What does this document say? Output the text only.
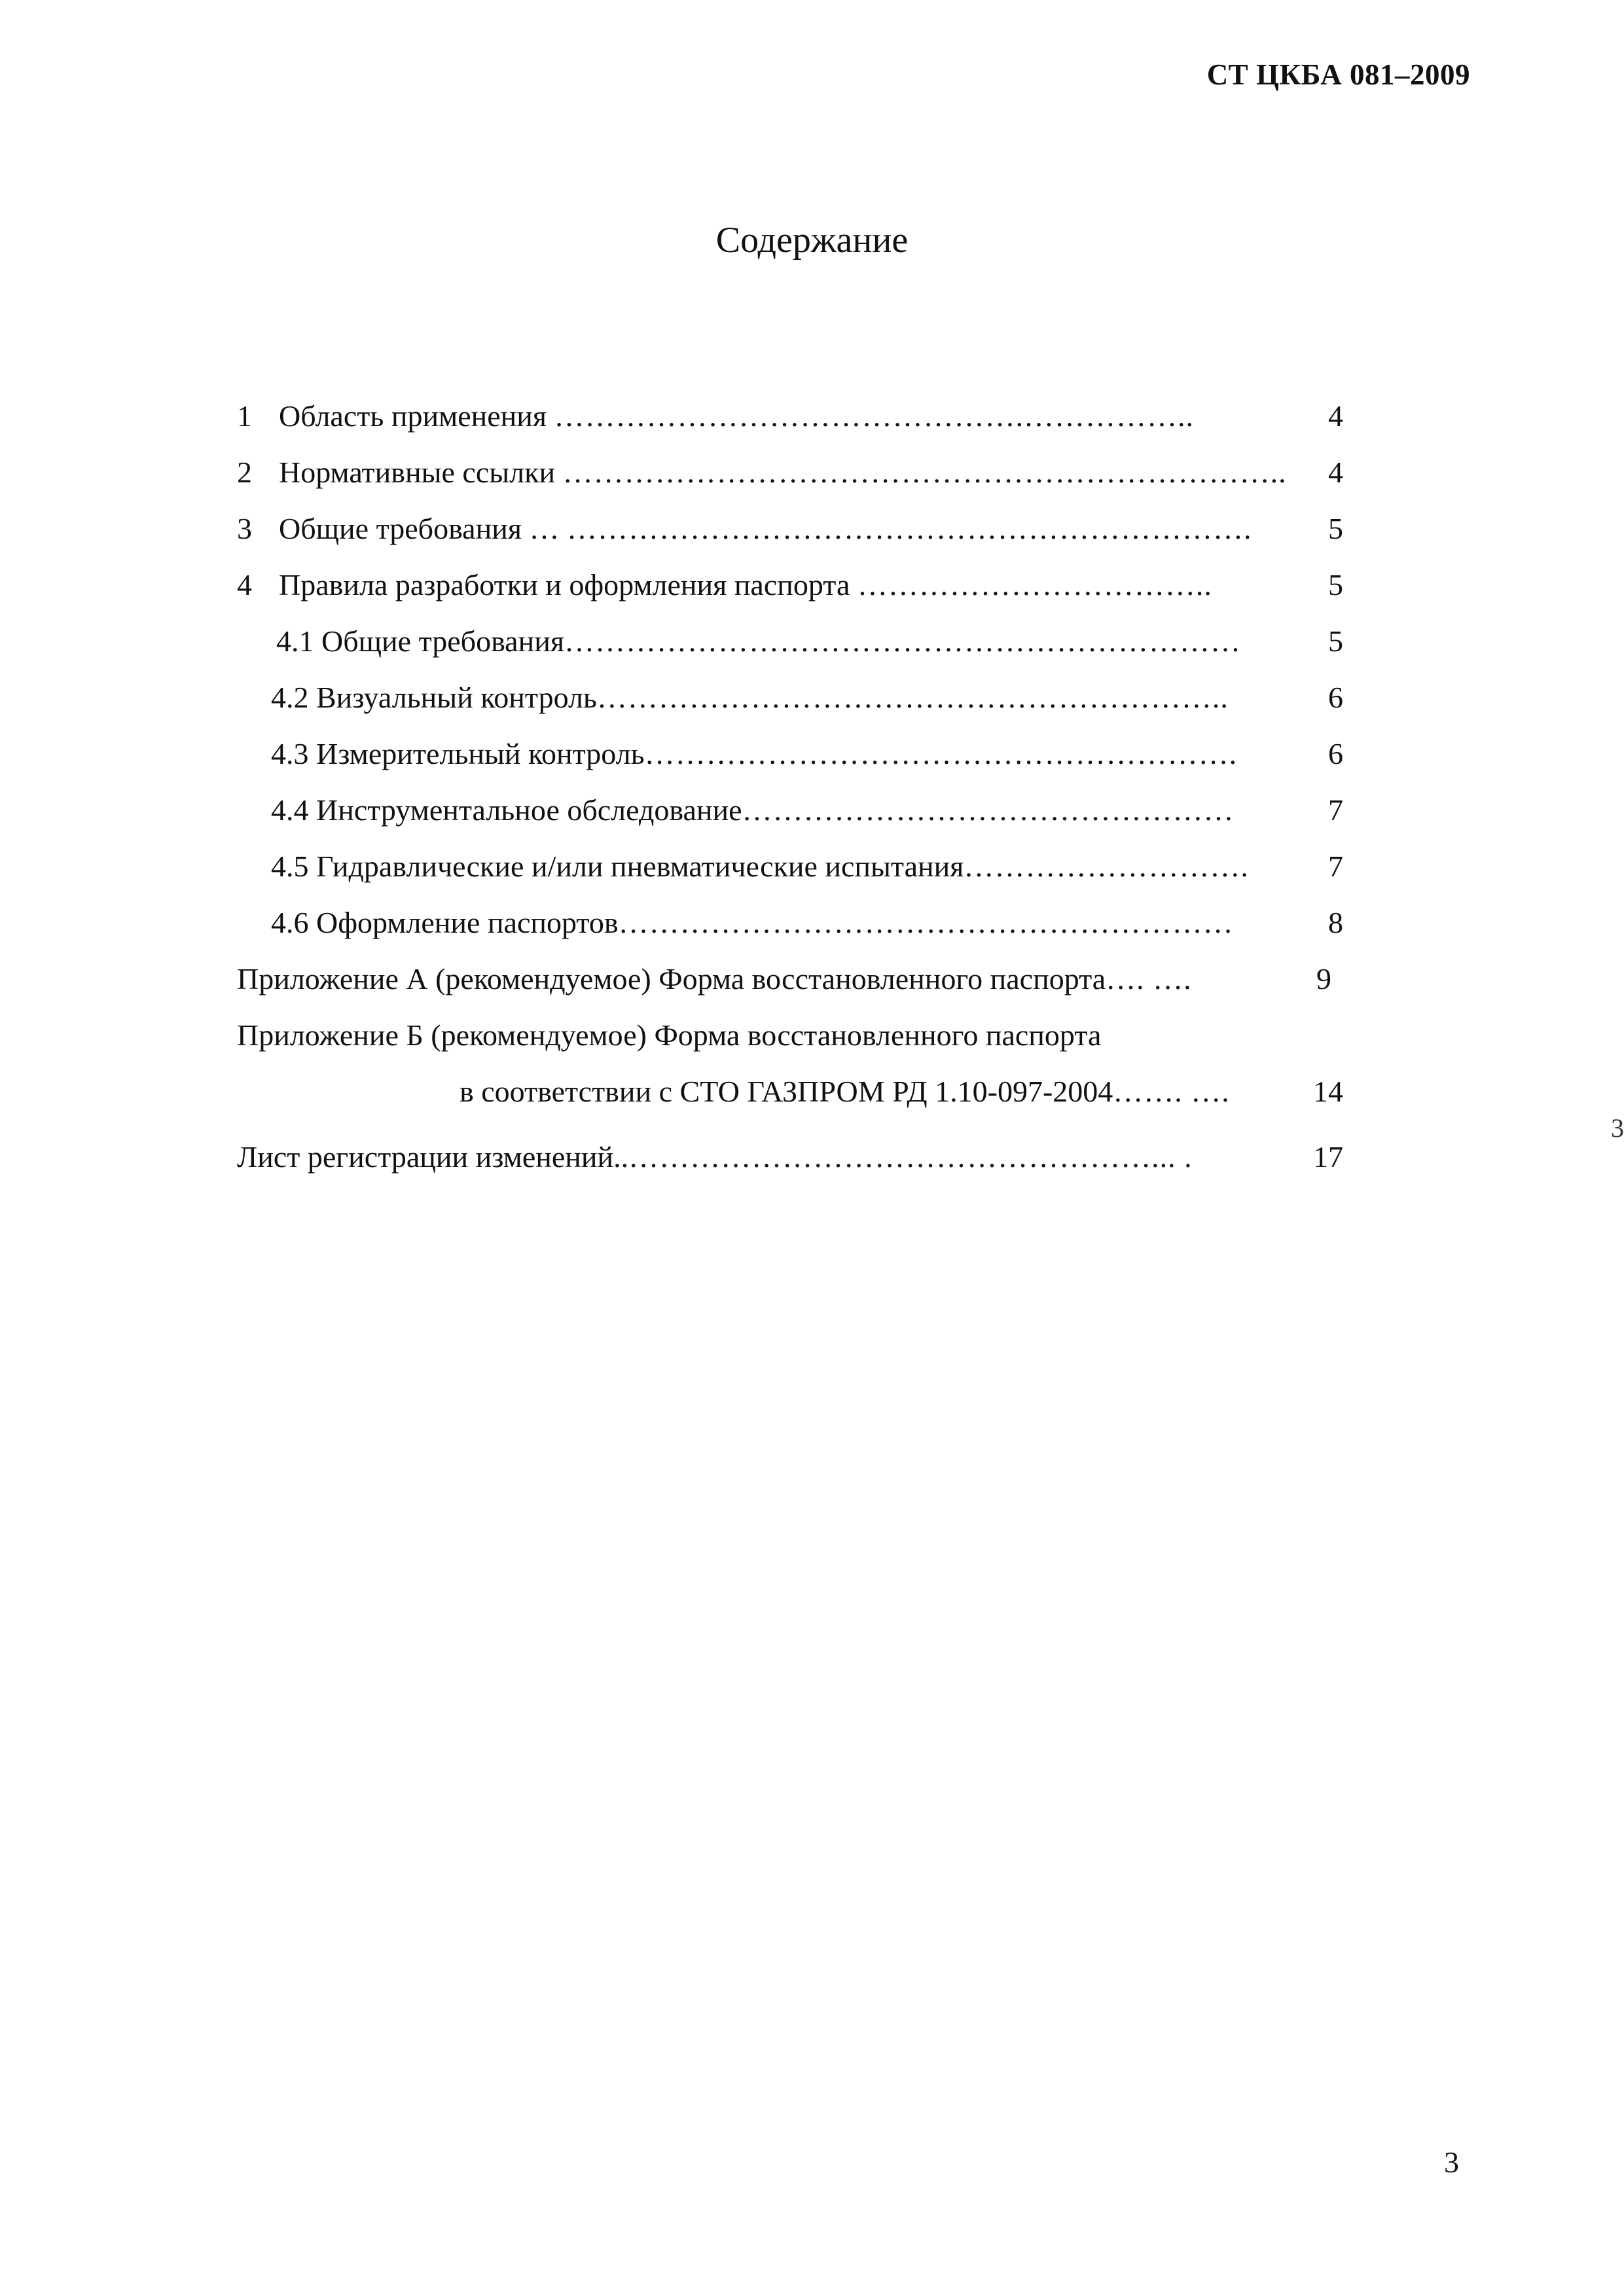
СТ ЦКБА 081–2009
Содержание
1 Область применения ……………………………………….……………..	4
2 Нормативные ссылки …………………………………………………………….. 4
3 Общие требования … ………………………………………………………….	5
4 Правила разработки и оформления паспорта ……………………………..	5
4.1 Общие требования…………………………………………………………	5
4.2 Визуальный контроль……………………………………………………..	6
4.3 Измерительный контроль………………………………………………….	6
4.4 Инструментальное обследование…………………………………………	7
4.5 Гидравлические и/или пневматические испытания……………………….	7
4.6 Оформление паспортов……………………………………………………	8
Приложение А (рекомендуемое) Форма восстановленного паспорта…. ….	9
Приложение Б (рекомендуемое) Форма восстановленного паспорта
в соответствии с СТО ГАЗПРОМ РД 1.10-097-2004……. ….	14
Лист регистрации изменений..……………………………………………... .	17
3
3
